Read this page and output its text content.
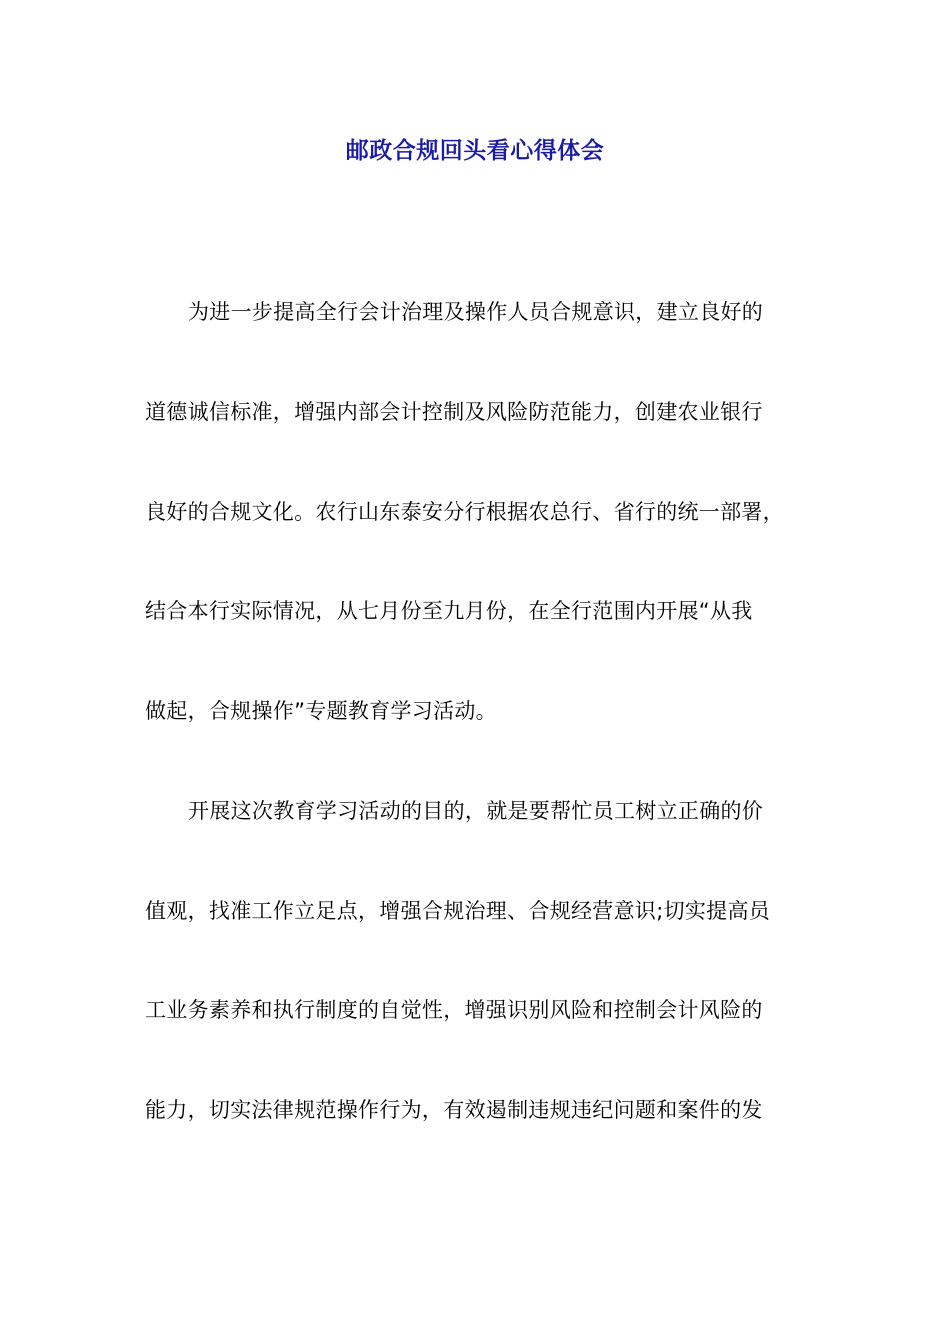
邮政合规回头看心得体会
为进一步提高全行会计治理及操作人员合规意识，建立良好的
道德诚信标准，增强内部会计控制及风险防范能力，创建农业银行
良好的合规文化。农行山东泰安分行根据农总行、省行的统一部署，
结合本行实际情况，从七月份至九月份，在全行范围内开展“从我
做起，合规操作”专题教育学习活动。
开展这次教育学习活动的目的，就是要帮忙员工树立正确的价
值观，找准工作立足点，增强合规治理、合规经营意识;切实提高员
工业务素养和执行制度的自觉性，增强识别风险和控制会计风险的
能力，切实法律规范操作行为，有效遏制违规违纪问题和案件的发
